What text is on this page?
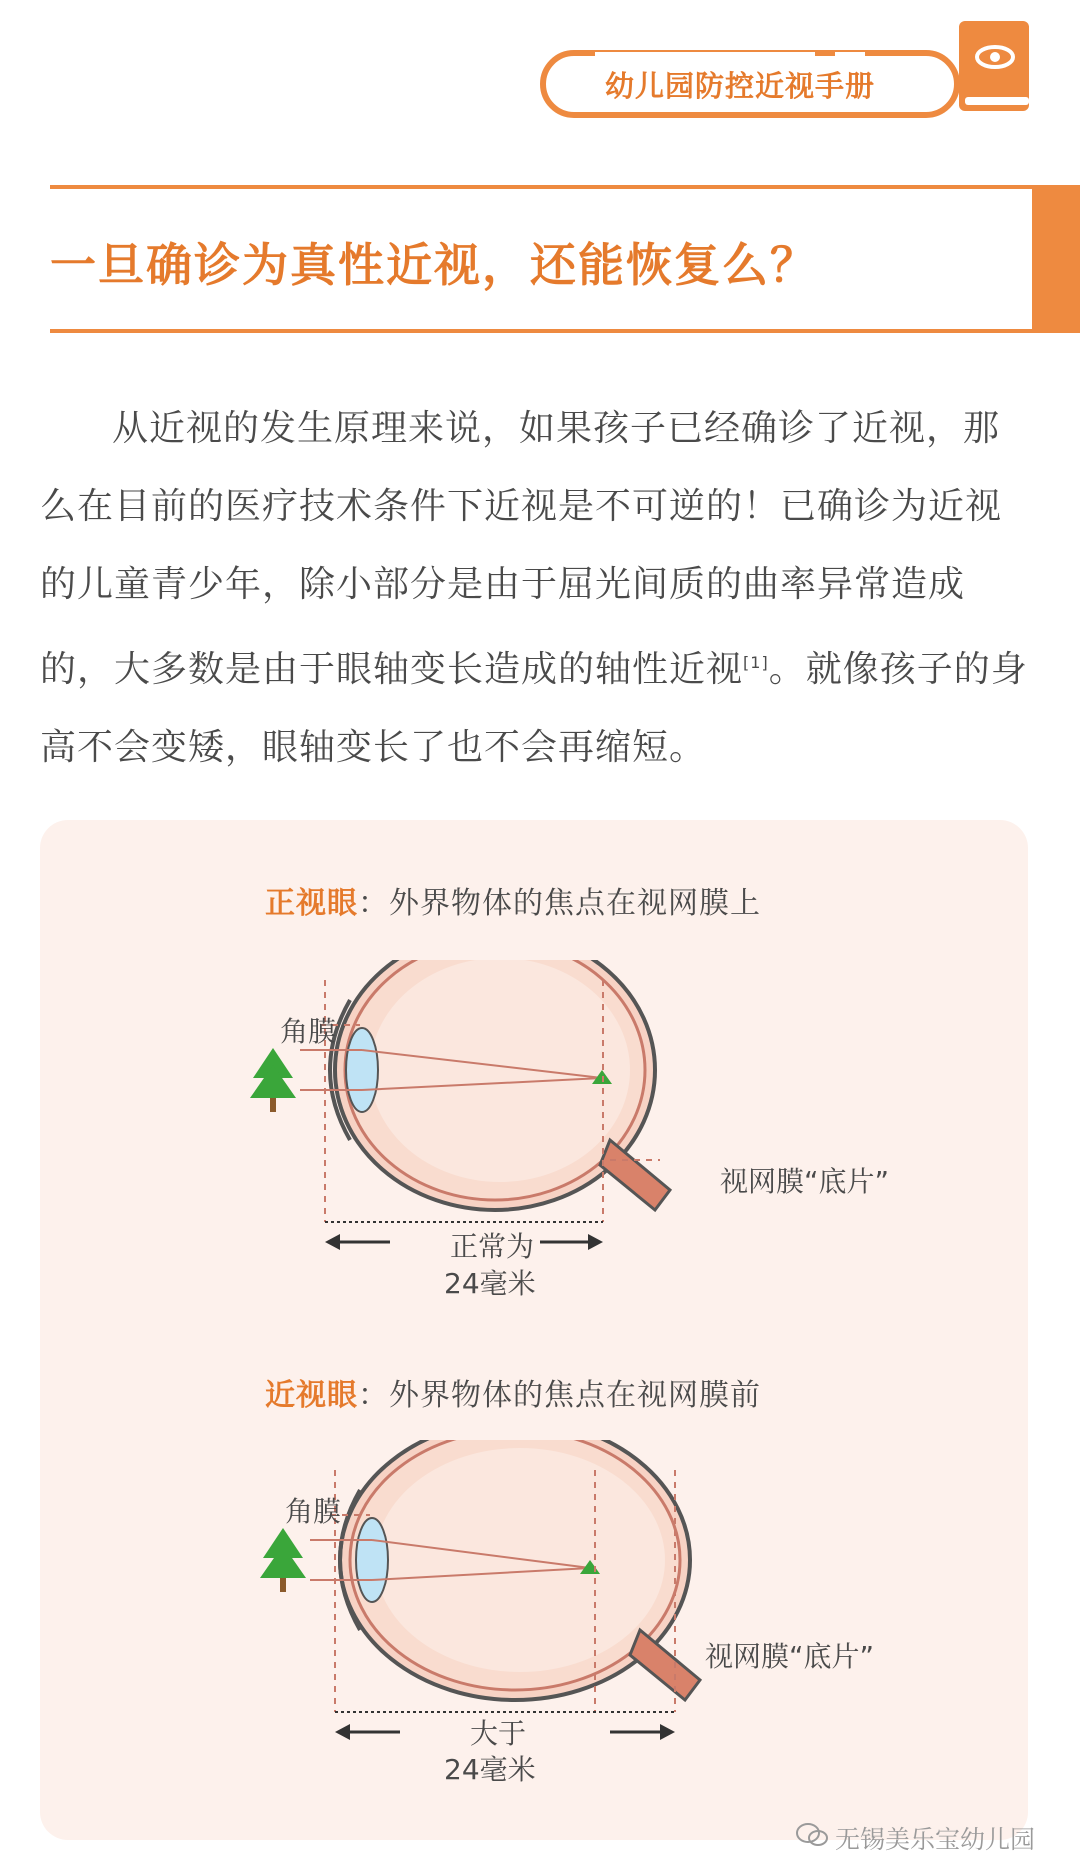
幼儿园防控近视手册
一旦确诊为真性近视，还能恢复么？
从近视的发生原理来说，如果孩子已经确诊了近视，那么在目前的医疗技术条件下近视是不可逆的！已确诊为近视的儿童青少年，除小部分是由于屈光间质的曲率异常造成的，大多数是由于眼轴变长造成的轴性近视[1]。就像孩子的身高不会变矮，眼轴变长了也不会再缩短。
正视眼：外界物体的焦点在视网膜上
角膜
视网膜“底片”
正常为
24毫米
近视眼：外界物体的焦点在视网膜前
角膜
视网膜“底片”
大于
24毫米
无锡美乐宝幼儿园
